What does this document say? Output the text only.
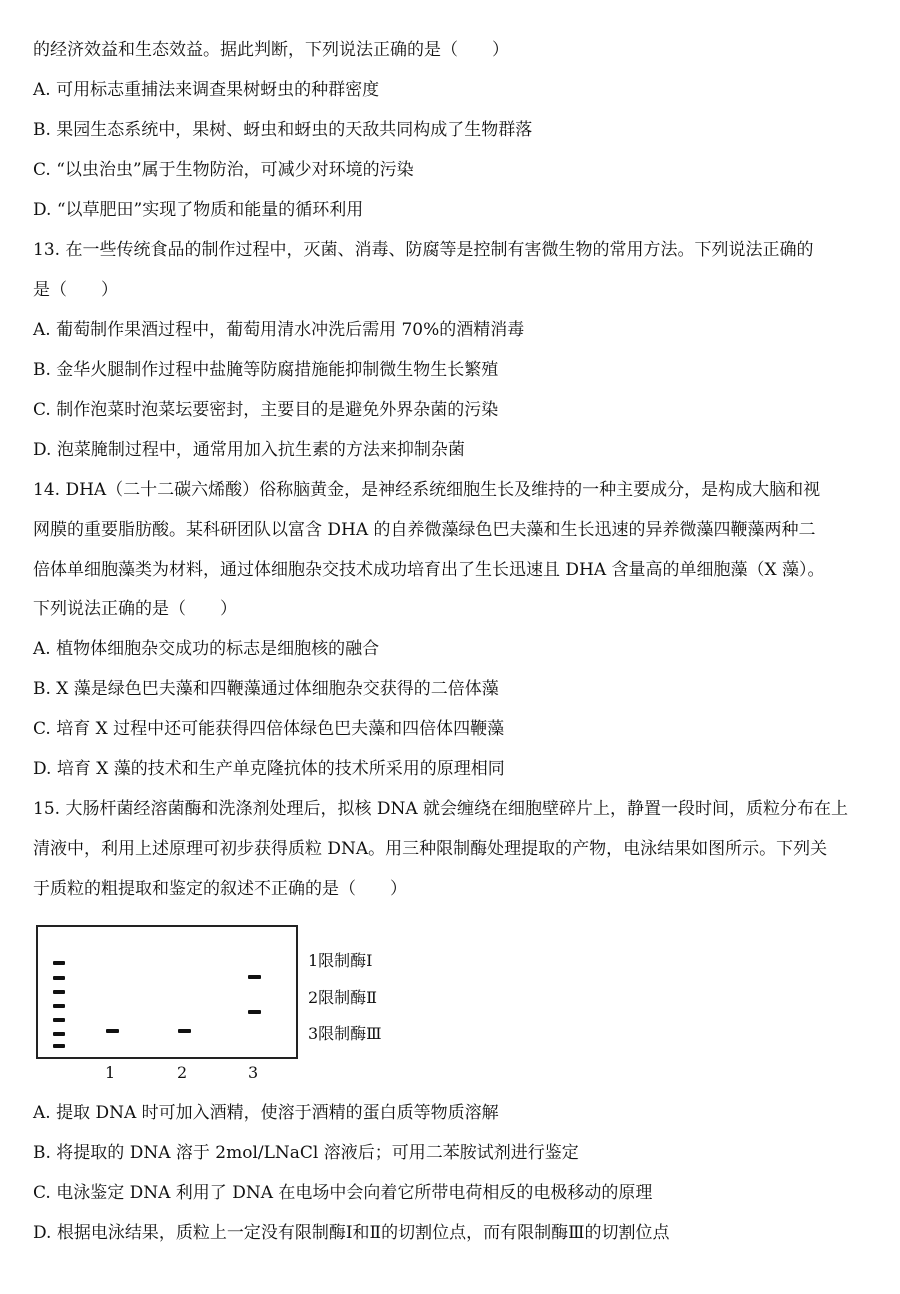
的经济效益和生态效益。据此判断，下列说法正确的是（　　）
A. 可用标志重捕法来调查果树蚜虫的种群密度
B. 果园生态系统中，果树、蚜虫和蚜虫的天敌共同构成了生物群落
C. “以虫治虫”属于生物防治，可减少对环境的污染
D. “以草肥田”实现了物质和能量的循环利用
13. 在一些传统食品的制作过程中，灭菌、消毒、防腐等是控制有害微生物的常用方法。下列说法正确的
是（　　）
A. 葡萄制作果酒过程中，葡萄用清水冲洗后需用 70%的酒精消毒
B. 金华火腿制作过程中盐腌等防腐措施能抑制微生物生长繁殖
C. 制作泡菜时泡菜坛要密封，主要目的是避免外界杂菌的污染
D. 泡菜腌制过程中，通常用加入抗生素的方法来抑制杂菌
14. DHA（二十二碳六烯酸）俗称脑黄金，是神经系统细胞生长及维持的一种主要成分，是构成大脑和视
网膜的重要脂肪酸。某科研团队以富含 DHA 的自养微藻绿色巴夫藻和生长迅速的异养微藻四鞭藻两种二
倍体单细胞藻类为材料，通过体细胞杂交技术成功培育出了生长迅速且 DHA 含量高的单细胞藻（X 藻）。
下列说法正确的是（　　）
A. 植物体细胞杂交成功的标志是细胞核的融合
B. X 藻是绿色巴夫藻和四鞭藻通过体细胞杂交获得的二倍体藻
C. 培育 X 过程中还可能获得四倍体绿色巴夫藻和四倍体四鞭藻
D. 培育 X 藻的技术和生产单克隆抗体的技术所采用的原理相同
15. 大肠杆菌经溶菌酶和洗涤剂处理后，拟核 DNA 就会缠绕在细胞壁碎片上，静置一段时间，质粒分布在上
清液中，利用上述原理可初步获得质粒 DNA。用三种限制酶处理提取的产物，电泳结果如图所示。下列关
于质粒的粗提取和鉴定的叙述不正确的是（　　）
1	2	3
1限制酶Ⅰ
2限制酶Ⅱ
3限制酶Ⅲ
A. 提取 DNA 时可加入酒精，使溶于酒精的蛋白质等物质溶解
B. 将提取的 DNA 溶于 2mol/LNaCl 溶液后；可用二苯胺试剂进行鉴定
C. 电泳鉴定 DNA 利用了 DNA 在电场中会向着它所带电荷相反的电极移动的原理
D. 根据电泳结果，质粒上一定没有限制酶Ⅰ和Ⅱ的切割位点，而有限制酶Ⅲ的切割位点
